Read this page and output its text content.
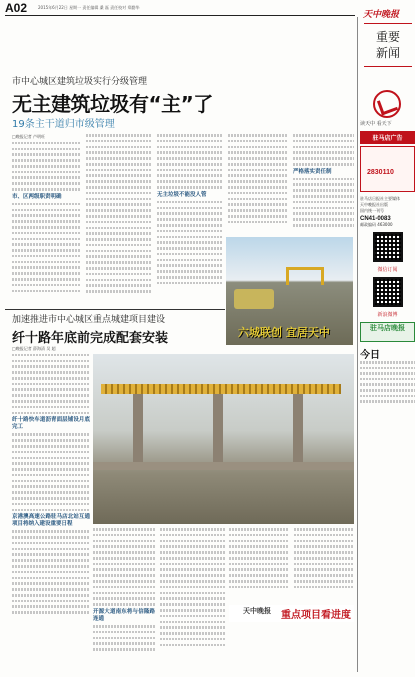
A02	2015年6月22日 星期一 责任编辑 桑 磊 责任校对 郑勤华
天中晚报
重要
新闻
市中心城区建筑垃圾实行分级管理
无主建筑垃圾有“主”了
19条主干道归市级管理
□晚报记者 卢明旺
市、区两级职责明确	无主垃圾不能没人管
严格落实责任制
六城联创 宜居天中
加速推进市中心城区重点城建项目建设
纤十路年底前完成配套安装
□晚报记者 薛海清 吴 超
纤十路快车道沥青面层铺设月底完工
京港澳高速公路驻马店北站互通项目将纳入建设重要日程
开源大道南东将与信隆路连通
天中晚报 重点项目看进度
读天中 看天下
驻马店广告
2830110
驻马店日报社主要媒体
天中晚报社出版
国内统一刊号
CN41-0083
邮政编码 463000
微信订阅
新浪微博
驻马店晚报
今日
